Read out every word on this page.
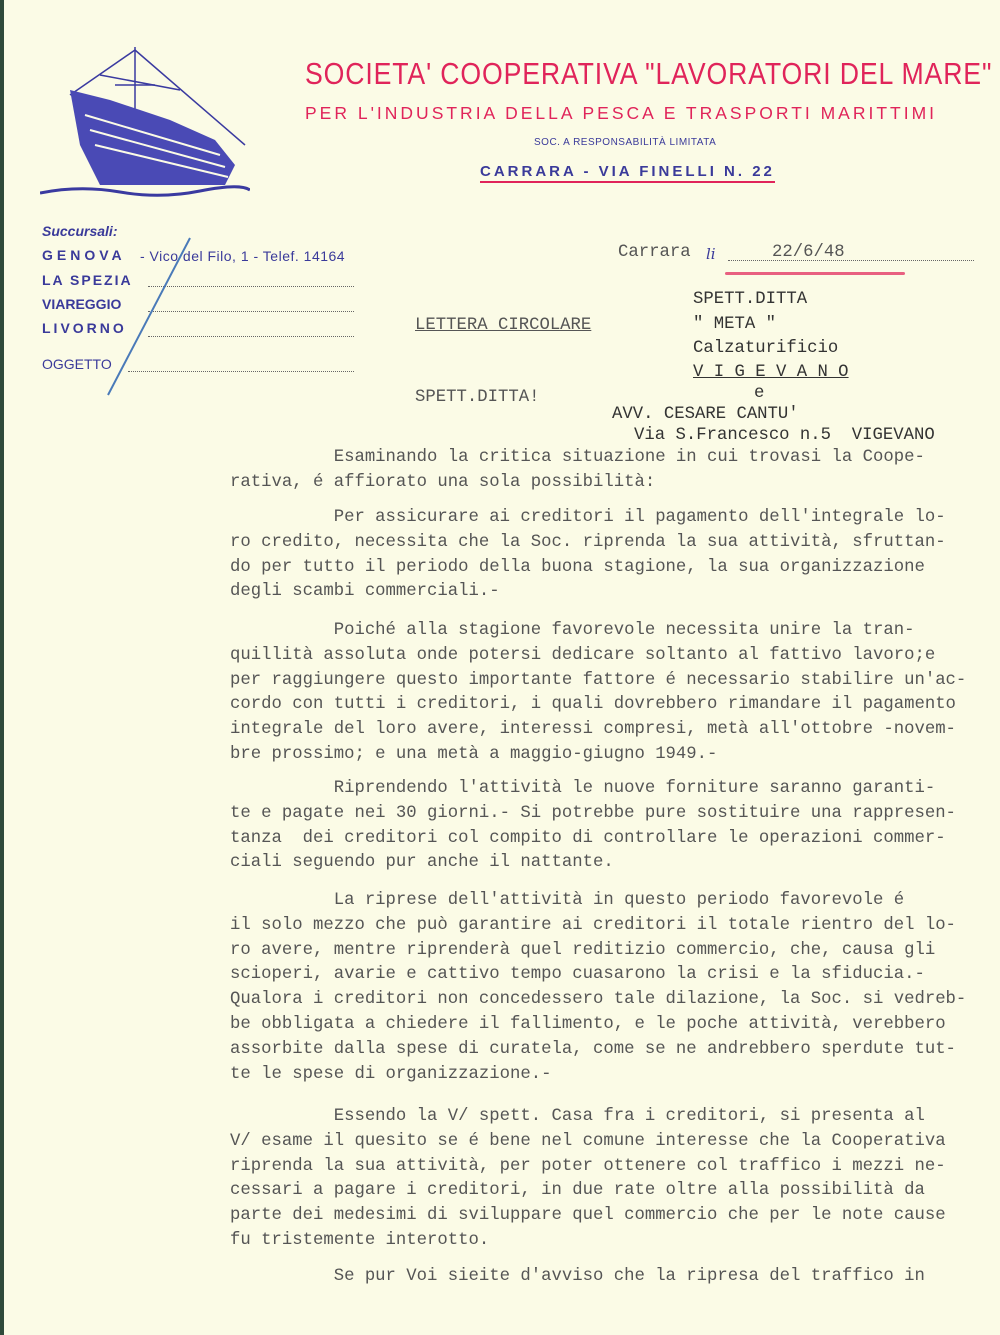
SOCIETA' COOPERATIVA "LAVORATORI DEL MARE"
PER L'INDUSTRIA DELLA PESCA E TRASPORTI MARITTIMI
SOC. A RESPONSABILITÀ LIMITATA
CARRARA - VIA FINELLI N. 22
Succursali:
GENOVA - Vico del Filo, 1 - Telef. 14164
LA SPEZIA
VIAREGGIO
LIVORNO
OGGETTO
Carrara li	22/6/48
LETTERA CIRCOLARE
SPETT.DITTA
" META "
Calzaturificio
V I G E V A N O
e
AVV. CESARE CANTU'
Via S.Francesco n.5  VIGEVANO
SPETT.DITTA!
Esaminando la critica situazione in cui trovasi la Coope-
rativa, é affiorato una sola possibilità:
Per assicurare ai creditori il pagamento dell'integrale lo-
ro credito, necessita che la Soc. riprenda la sua attività, sfruttan-
do per tutto il periodo della buona stagione, la sua organizzazione
degli scambi commerciali.-
Poiché alla stagione favorevole necessita unire la tran-
quillità assoluta onde potersi dedicare soltanto al fattivo lavoro;e
per raggiungere questo importante fattore é necessario stabilire un'ac-
cordo con tutti i creditori, i quali dovrebbero rimandare il pagamento
integrale del loro avere, interessi compresi, metà all'ottobre -novem-
bre prossimo; e una metà a maggio-giugno 1949.-
Riprendendo l'attività le nuove forniture saranno garanti-
te e pagate nei 30 giorni.- Si potrebbe pure sostituire una rappresen-
tanza  dei creditori col compito di controllare le operazioni commer-
ciali seguendo pur anche il nattante.
La riprese dell'attività in questo periodo favorevole é
il solo mezzo che può garantire ai creditori il totale rientro del lo-
ro avere, mentre riprenderà quel reditizio commercio, che, causa gli
scioperi, avarie e cattivo tempo cuasarono la crisi e la sfiducia.-
Qualora i creditori non concedessero tale dilazione, la Soc. si vedreb-
be obbligata a chiedere il fallimento, e le poche attività, verebbero
assorbite dalla spese di curatela, come se ne andrebbero sperdute tut-
te le spese di organizzazione.-
Essendo la V/ spett. Casa fra i creditori, si presenta al
V/ esame il quesito se é bene nel comune interesse che la Cooperativa
riprenda la sua attività, per poter ottenere col traffico i mezzi ne-
cessari a pagare i creditori, in due rate oltre alla possibilità da
parte dei medesimi di sviluppare quel commercio che per le note cause
fu tristemente interotto.
Se pur Voi sieite d'avviso che la ripresa del traffico in
